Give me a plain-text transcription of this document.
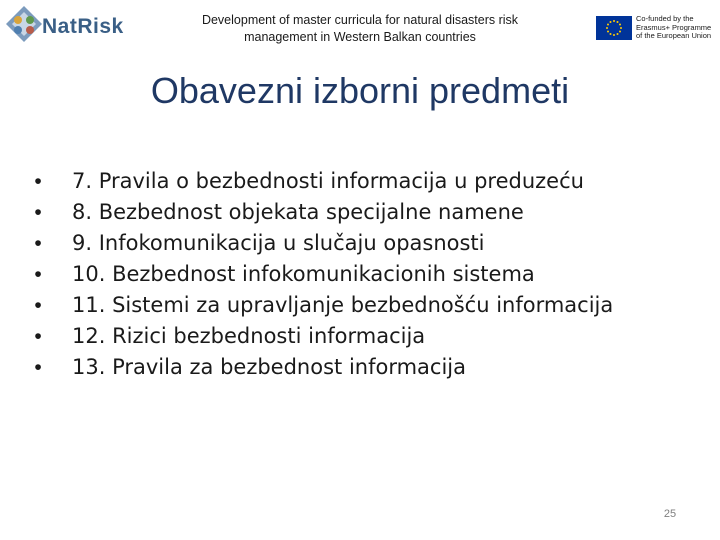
NatRisk	Development of master curricula for natural disasters risk
management in Western Balkan countries
Co-funded by the
Erasmus+ Programme
of the European Union
Obavezni izborni predmeti
•	7. Pravila o bezbednosti informacija u preduzeću
•	8. Bezbednost objekata specijalne namene
•	9. Infokomunikacija u slučaju opasnosti
•	10. Bezbednost infokomunikacionih sistema
•	11. Sistemi za upravljanje bezbednošću informacija
•	12. Rizici bezbednosti informacija
•	13. Pravila za bezbednost informacija
25
